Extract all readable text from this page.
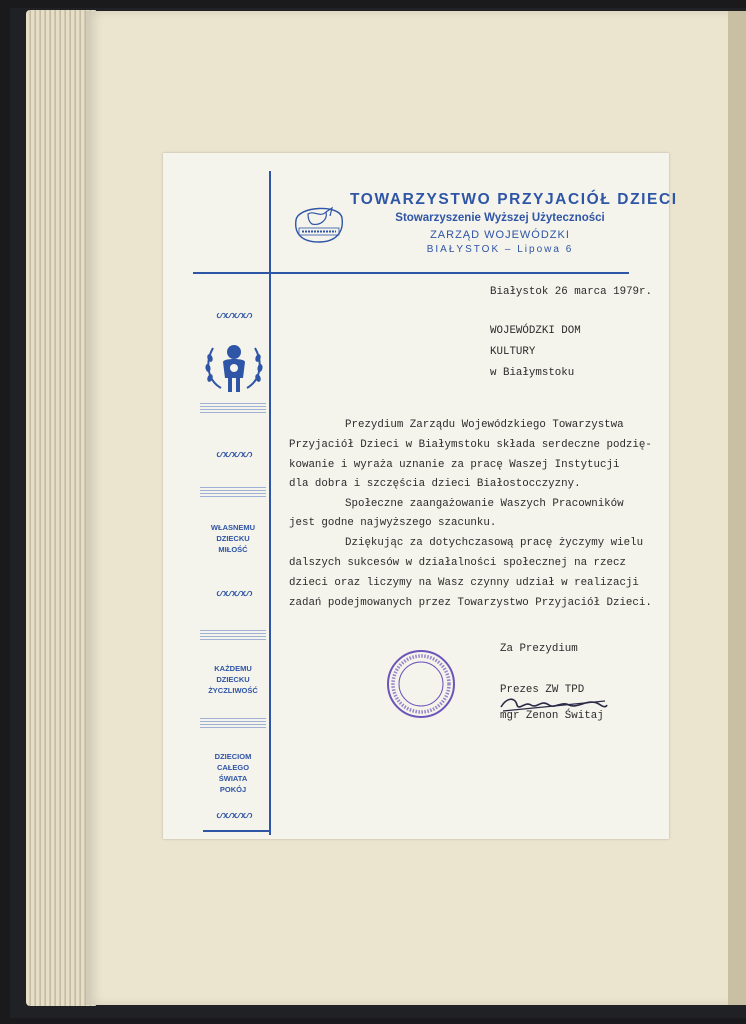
TOWARZYSTWO PRZYJACIÓŁ DZIECI
Stowarzyszenie Wyższej Użyteczności
ZARZĄD WOJEWÓDZKI
BIAŁYSTOK – Lipowa 6
ᔕᔕᔕᔕ
ᔕᔕᔕᔕ
WŁASNEMU
DZIECKU
MIŁOŚĆ
ᔕᔕᔕᔕ
KAŻDEMU
DZIECKU
ŻYCZLIWOŚĆ
DZIECIOM
CAŁEGO
ŚWIATA
POKÓJ
ᔕᔕᔕᔕ
Białystok 26 marca 1979r.
WOJEWÓDZKI DOM
KULTURY
w Białymstoku
Prezydium Zarządu Wojewódzkiego Towarzystwa
Przyjaciół Dzieci w Białymstoku składa serdeczne podzię-
kowanie i wyraża uznanie za pracę Waszej Instytucji
dla dobra i szczęścia dzieci Białostocczyzny.
Społeczne zaangażowanie Waszych Pracowników
jest godne najwyższego szacunku.
Dziękując za dotychczasową pracę życzymy wielu
dalszych sukcesów w działalności społecznej na rzecz
dzieci oraz liczymy na Wasz czynny udział w realizacji
zadań podejmowanych przez Towarzystwo Przyjaciół Dzieci.
Za Prezydium
Prezes ZW TPD
mgr Zenon Świtaj
